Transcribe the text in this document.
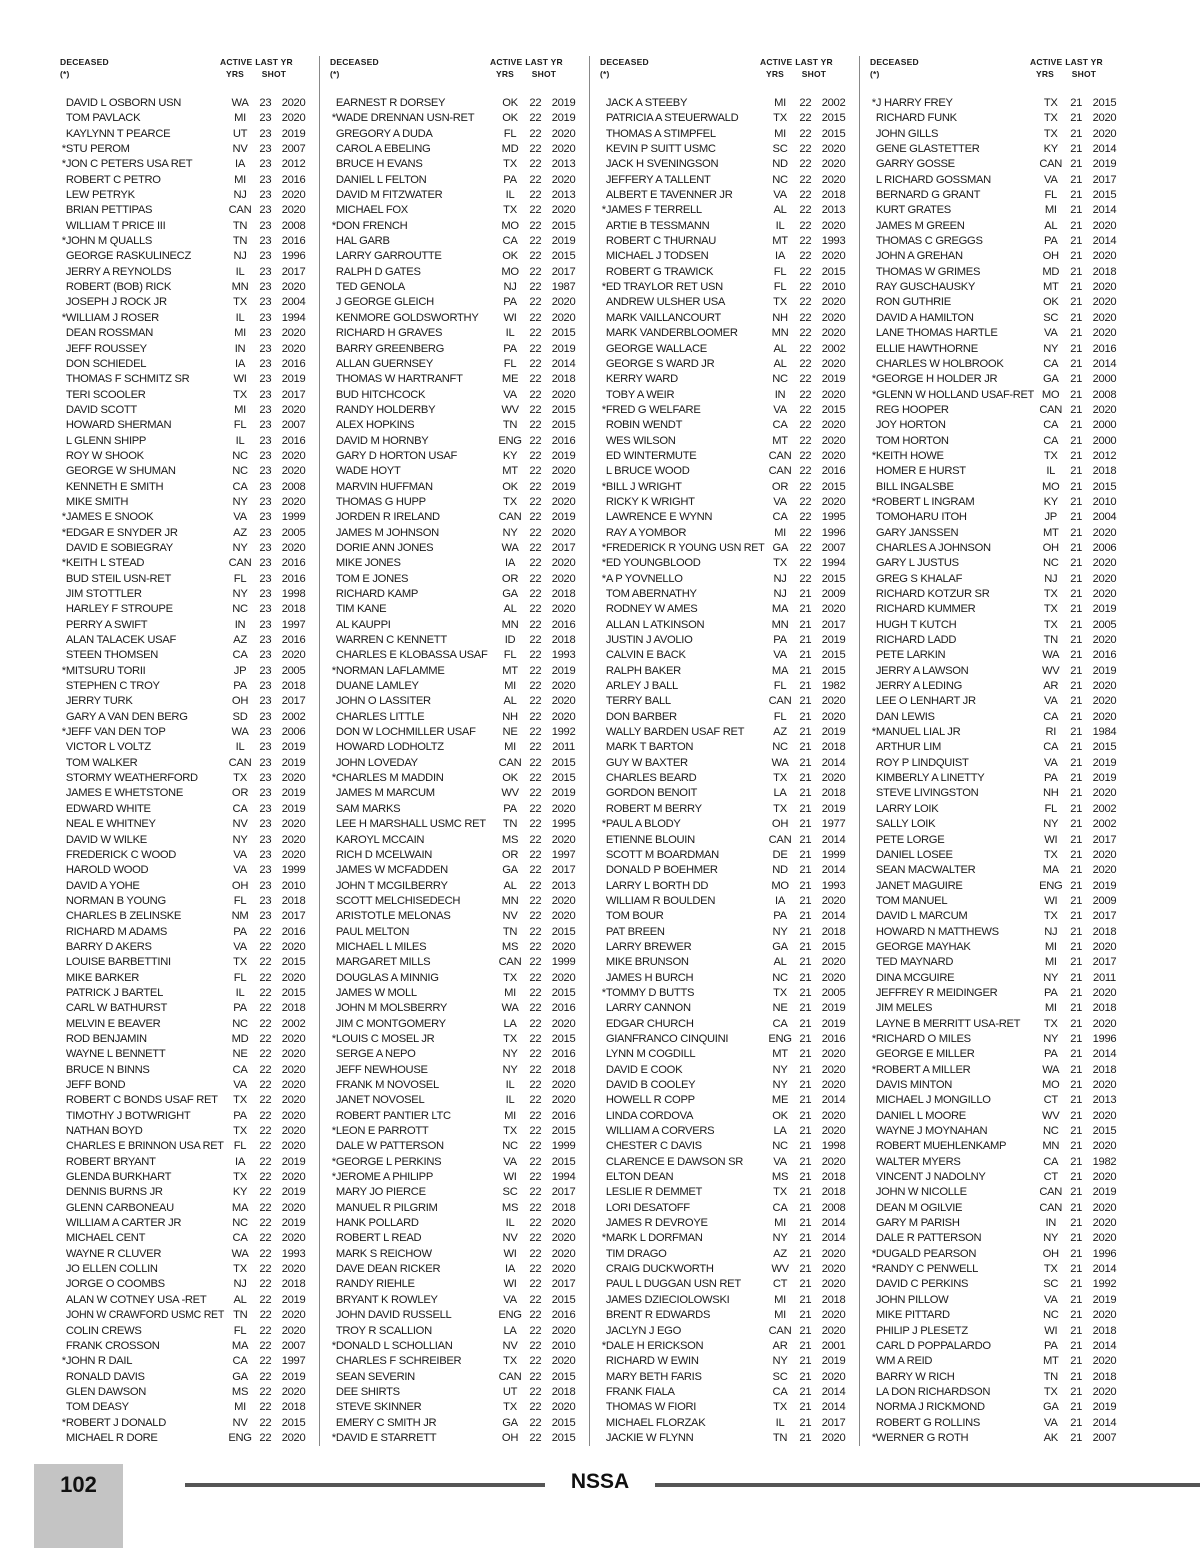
DECEASED
(*)
ACTIVE
YRS
LAST YR
SHOT
DAVID L OSBORN USN	WA 23 2020
TOM PAVLACK	MI	23 2020
KAYLYNN T PEARCE	UT	23 2019
* STU PEROM	NV	23 2007
* JON C PETERS USA RET	IA	23 2012
ROBERT C PETRO	MI	23 2016
LEW PETRYK	NJ	23 2020
BRIAN PETTIPAS	CAN 23 2020
WILLIAM T PRICE III	TN	23 2008
* JOHN M QUALLS	TN	23 2016
GEORGE RASKULINECZ	NJ	23 1996
JERRY A REYNOLDS	IL	23 2017
ROBERT (BOB) RICK	MN 23 2020
JOSEPH J ROCK JR	TX	23 2004
* WILLIAM J ROSER	IL	23 1994
DEAN ROSSMAN	MI	23 2020
JEFF ROUSSEY	IN	23 2020
DON SCHIEDEL	IA	23 2016
THOMAS F SCHMITZ SR	WI	23 2019
TERI SCOOLER	TX	23 2017
DAVID SCOTT	MI	23 2020
HOWARD SHERMAN	FL	23 2007
L GLENN SHIPP	IL	23 2016
ROY W SHOOK	NC	23 2020
GEORGE W SHUMAN	NC	23 2020
KENNETH E SMITH	CA	23 2008
MIKE SMITH	NY	23 2020
* JAMES E SNOOK	VA	23 1999
* EDGAR E SNYDER JR	AZ	23 2005
DAVID E SOBIEGRAY	NY	23 2020
* KEITH L STEAD	CAN 23 2016
BUD STEIL USN-RET	FL	23 2016
JIM STOTTLER	NY	23 1998
HARLEY F STROUPE	NC	23 2018
PERRY A SWIFT	IN	23 1997
ALAN TALACEK USAF	AZ	23 2016
STEEN THOMSEN	CA	23 2020
* MITSURU TORII	JP	23 2005
STEPHEN C TROY	PA	23 2018
JERRY TURK	OH	23 2017
GARY A VAN DEN BERG	SD	23 2002
* JEFF VAN DEN TOP	WA 23 2006
VICTOR L VOLTZ	IL	23 2019
TOM WALKER	CAN 23 2019
STORMY WEATHERFORD	TX	23 2020
JAMES E WHETSTONE	OR	23 2019
EDWARD WHITE	CA	23 2019
NEAL E WHITNEY	NV	23 2020
DAVID W WILKE	NY	23 2020
FREDERICK C WOOD	VA	23 2020
HAROLD WOOD	VA	23 1999
DAVID A YOHE	OH	23 2010
NORMAN B YOUNG	FL	23 2018
CHARLES B ZELINSKE	NM 23 2017
RICHARD M ADAMS	PA	22 2016
BARRY D AKERS	VA	22 2020
LOUISE BARBETTINI	TX	22 2015
MIKE BARKER	FL	22 2020
PATRICK J BARTEL	IL	22 2015
CARL W BATHURST	PA	22 2018
MELVIN E BEAVER	NC	22 2002
ROD BENJAMIN	MD 22 2020
WAYNE L BENNETT	NE	22 2020
BRUCE N BINNS	CA	22 2020
JEFF BOND	VA	22 2020
ROBERT C BONDS USAF RET	TX	22 2020
TIMOTHY J BOTWRIGHT	PA	22 2020
NATHAN BOYD	TX	22 2020
CHARLES E BRINNON USA RET FL	22 2020
ROBERT BRYANT	IA	22 2019
GLENDA BURKHART	TX	22 2020
DENNIS BURNS JR	KY	22 2019
GLENN CARBONEAU	MA	22 2020
WILLIAM A CARTER JR	NC	22 2019
MICHAEL CENT	CA	22 2020
WAYNE R CLUVER	WA 22 1993
JO ELLEN COLLIN	TX	22 2020
JORGE O COOMBS	NJ	22 2018
ALAN W COTNEY USA -RET	AL	22 2019
JOHN W CRAWFORD USMC RET TN	22 2020
COLIN CREWS	FL	22 2020
FRANK CROSSON	MA	22 2007
* JOHN R DAIL	CA	22 1997
RONALD DAVIS	GA	22 2019
GLEN DAWSON	MS	22 2020
TOM DEASY	MI	22 2018
* ROBERT J DONALD	NV	22 2015
MICHAEL R DORE	ENG 22 2020
DECEASED
(*)
ACTIVE
YRS
LAST YR
SHOT
EARNEST R DORSEY	OK	22 2019
* WADE DRENNAN USN-RET	OK	22 2019
GREGORY A DUDA	FL	22 2020
CAROL A EBELING	MD 22 2020
BRUCE H EVANS	TX	22 2013
DANIEL L FELTON	PA	22 2020
DAVID M FITZWATER	IL	22 2013
MICHAEL FOX	TX	22 2020
* DON FRENCH	MO 22 2015
HAL GARB	CA	22 2019
LARRY GARROUTTE	OK	22 2015
RALPH D GATES	MO 22 2017
TED GENOLA	NJ	22 1987
J GEORGE GLEICH	PA	22 2020
KENMORE GOLDSWORTHY	WI	22 2020
RICHARD H GRAVES	IL	22 2015
BARRY GREENBERG	PA	22 2019
ALLAN GUERNSEY	FL	22 2014
THOMAS W HARTRANFT	ME	22 2018
BUD HITCHCOCK	VA	22 2020
RANDY HOLDERBY	WV 22 2015
ALEX HOPKINS	TN	22 2015
DAVID M HORNBY	ENG 22 2016
GARY D HORTON USAF	KY	22 2019
WADE HOYT	MT	22 2020
MARVIN HUFFMAN	OK	22 2019
THOMAS G HUPP	TX	22 2020
JORDEN R IRELAND	CAN 22 2019
JAMES M JOHNSON	NY	22 2020
DORIE ANN JONES	WA 22 2017
MIKE JONES	IA	22 2020
TOM E JONES	OR	22 2020
RICHARD KAMP	GA	22 2018
TIM KANE	AL	22 2020
AL KAUPPI	MN 22 2016
WARREN C KENNETT	ID	22 2018
CHARLES E KLOBASSA USAF	FL	22 1993
* NORMAN LAFLAMME	MT	22 2019
DUANE LAMLEY	MI	22 2020
JOHN O LASSITER	AL	22 2020
CHARLES LITTLE	NH	22 2020
DON W LOCHMILLER USAF	NE	22 1992
HOWARD LODHOLTZ	MI	22 2011
JOHN LOVEDAY	CAN 22 2015
* CHARLES M MADDIN	OK	22 2015
JAMES M MARCUM	WV 22 2019
SAM MARKS	PA	22 2020
LEE H MARSHALL USMC RET	TN	22 1995
KAROYL MCCAIN	MS	22 2020
RICH D MCELWAIN	OR	22 1997
JAMES W MCFADDEN	GA	22 2017
JOHN T MCGILBERRY	AL	22 2013
SCOTT MELCHISEDECH	MN 22 2020
ARISTOTLE MELONAS	NV	22 2020
PAUL MELTON	TN	22 2015
MICHAEL L MILES	MS	22 2020
MARGARET MILLS	CAN 22 1999
DOUGLAS A MINNIG	TX	22 2020
JAMES W MOLL	MI	22 2015
JOHN M MOLSBERRY	WA 22 2016
JIM C MONTGOMERY	LA	22 2020
* LOUIS C MOSEL JR	TX	22 2015
SERGE A NEPO	NY	22 2016
JEFF NEWHOUSE	NY	22 2018
FRANK M NOVOSEL	IL	22 2020
JANET NOVOSEL	IL	22 2020
ROBERT PANTIER LTC	MI	22 2016
* LEON E PARROTT	TX	22 2015
DALE W PATTERSON	NC	22 1999
* GEORGE L PERKINS	VA	22 2015
* JEROME A PHILIPP	WI	22 1994
MARY JO PIERCE	SC	22 2017
MANUEL R PILGRIM	MS	22 2018
HANK POLLARD	IL	22 2020
ROBERT L READ	NV	22 2020
MARK S REICHOW	WI	22 2020
DAVE DEAN RICKER	IA	22 2020
RANDY RIEHLE	WI	22 2017
BRYANT K ROWLEY	VA	22 2015
JOHN DAVID RUSSELL	ENG 22 2016
TROY R SCALLION	LA	22 2020
* DONALD L SCHOLLIAN	NV	22 2010
CHARLES F SCHREIBER	TX	22 2020
SEAN SEVERIN	CAN 22 2015
DEE SHIRTS	UT	22 2018
STEVE SKINNER	TX	22 2020
EMERY C SMITH JR	GA	22 2015
* DAVID E STARRETT	OH	22 2015
DECEASED
(*)
ACTIVE
YRS
LAST YR
SHOT
JACK A STEEBY	MI	22 2002
PATRICIA A STEUERWALD	TX	22 2015
THOMAS A STIMPFEL	MI	22 2015
KEVIN P SUITT USMC	SC	22 2020
JACK H SVENINGSON	ND	22 2020
JEFFERY A TALLENT	NC	22 2020
ALBERT E TAVENNER JR	VA	22 2018
* JAMES F TERRELL	AL	22 2013
ARTIE B TESSMANN	IL	22 2020
ROBERT C THURNAU	MT	22 1993
MICHAEL J TODSEN	IA	22 2020
ROBERT G TRAWICK	FL	22 2015
* ED TRAYLOR RET USN	FL	22 2010
ANDREW ULSHER USA	TX	22 2020
MARK VAILLANCOURT	NH	22 2020
MARK VANDERBLOOMER	MN 22 2020
GEORGE WALLACE	AL	22 2002
GEORGE S WARD JR	AL	22 2020
KERRY WARD	NC	22 2019
TOBY A WEIR	IN	22 2020
* FRED G WELFARE	VA	22 2015
ROBIN WENDT	CA	22 2020
WES WILSON	MT	22 2020
ED WINTERMUTE	CAN 22 2020
L BRUCE WOOD	CAN 22 2016
* BILL J WRIGHT	OR	22 2015
RICKY K WRIGHT	VA	22 2020
LAWRENCE E WYNN	CA	22 1995
RAY A YOMBOR	MI	22 1996
* FREDERICK R YOUNG USN RET GA	22 2007
* ED YOUNGBLOOD	TX	22 1994
* A P YOVNELLO	NJ	22 2015
TOM ABERNATHY	NJ	21 2009
RODNEY W AMES	MA	21 2020
ALLAN L ATKINSON	MN 21 2017
JUSTIN J AVOLIO	PA	21 2019
CALVIN E BACK	VA	21 2015
RALPH BAKER	MA	21 2015
ARLEY J BALL	FL	21 1982
TERRY BALL	CAN 21 2020
DON BARBER	FL	21 2020
WALLY BARDEN USAF RET	AZ	21 2019
MARK T BARTON	NC	21 2018
GUY W BAXTER	WA 21 2014
CHARLES BEARD	TX	21 2020
GORDON BENOIT	LA	21 2018
ROBERT M BERRY	TX	21 2019
* PAUL A BLODY	OH	21 1977
ETIENNE BLOUIN	CAN 21 2014
SCOTT M BOARDMAN	DE	21 1999
DONALD P BOEHMER	ND	21 2014
LARRY L BORTH DD	MO 21 1993
WILLIAM R BOULDEN	IA	21 2020
TOM BOUR	PA	21 2014
PAT BREEN	NY	21 2018
LARRY BREWER	GA	21 2015
MIKE BRUNSON	AL	21 2020
JAMES H BURCH	NC	21 2020
* TOMMY D BUTTS	TX	21 2005
LARRY CANNON	NE	21 2019
EDGAR CHURCH	CA	21 2019
GIANFRANCO CINQUINI	ENG 21 2016
LYNN M COGDILL	MT	21 2020
DAVID E COOK	NY	21 2020
DAVID B COOLEY	NY	21 2020
HOWELL R COPP	ME	21 2014
LINDA CORDOVA	OK	21 2020
WILLIAM A CORVERS	LA	21 2020
CHESTER C DAVIS	NC	21 1998
CLARENCE E DAWSON SR	VA	21 2020
ELTON DEAN	MS	21 2018
LESLIE R DEMMET	TX	21 2018
LORI DESATOFF	CA	21 2008
JAMES R DEVROYE	MI	21 2014
* MARK L DORFMAN	NY	21 2014
TIM DRAGO	AZ	21 2020
CRAIG DUCKWORTH	WV 21 2020
PAUL L DUGGAN USN RET	CT	21 2020
JAMES DZIECIOLOWSKI	MI	21 2018
BRENT R EDWARDS	MI	21 2020
JACLYN J EGO	CAN 21 2020
* DALE H ERICKSON	AR	21 2001
RICHARD W EWIN	NY	21 2019
MARY BETH FARIS	SC	21 2020
FRANK FIALA	CA	21 2014
THOMAS W FIORI	TX	21 2014
MICHAEL FLORZAK	IL	21 2017
JACKIE W FLYNN	TN	21 2020
DECEASED
(*)
ACTIVE
YRS
LAST YR
SHOT
* J HARRY FREY	TX	21 2015
RICHARD FUNK	TX	21 2020
JOHN GILLS	TX	21 2020
GENE GLASTETTER	KY	21 2014
GARRY GOSSE	CAN 21 2019
L RICHARD GOSSMAN	VA	21 2017
BERNARD G GRANT	FL	21 2015
KURT GRATES	MI	21 2014
JAMES M GREEN	AL	21 2020
THOMAS C GREGGS	PA	21 2014
JOHN A GREHAN	OH	21 2020
THOMAS W GRIMES	MD 21 2018
RAY GUSCHAUSKY	MT	21 2020
RON GUTHRIE	OK	21 2020
DAVID A HAMILTON	SC	21 2020
LANE THOMAS HARTLE	VA	21 2020
ELLIE HAWTHORNE	NY	21 2016
CHARLES W HOLBROOK	CA	21 2014
* GEORGE H HOLDER JR	GA	21 2000
* GLENN W HOLLAND USAF-RET MO 21 2008
REG HOOPER	CAN 21 2020
JOY HORTON	CA	21 2000
TOM HORTON	CA	21 2000
* KEITH HOWE	TX	21 2012
HOMER E HURST	IL	21 2018
BILL INGALSBE	MO 21 2015
* ROBERT L INGRAM	KY	21 2010
TOMOHARU ITOH	JP	21 2004
GARY JANSSEN	MT	21 2020
CHARLES A JOHNSON	OH	21 2006
GARY L JUSTUS	NC	21 2020
GREG S KHALAF	NJ	21 2020
RICHARD KOTZUR SR	TX	21 2020
RICHARD KUMMER	TX	21 2019
HUGH T KUTCH	TX	21 2005
RICHARD LADD	TN	21 2020
PETE LARKIN	WA 21 2016
JERRY A LAWSON	WV 21 2019
JERRY A LEDING	AR	21 2020
LEE O LENHART JR	VA	21 2020
DAN LEWIS	CA	21 2020
* MANUEL LIAL JR	RI	21 1984
ARTHUR LIM	CA	21 2015
ROY P LINDQUIST	VA	21 2019
KIMBERLY A LINETTY	PA	21 2019
STEVE LIVINGSTON	NH	21 2020
LARRY LOIK	FL	21 2002
SALLY LOIK	NY	21 2002
PETE LORGE	WI	21 2017
DANIEL LOSEE	TX	21 2020
SEAN MACWALTER	MA	21 2020
JANET MAGUIRE	ENG 21 2019
TOM MANUEL	WI	21 2009
DAVID L MARCUM	TX	21 2017
HOWARD N MATTHEWS	NJ	21 2018
GEORGE MAYHAK	MI	21 2020
TED MAYNARD	MI	21 2017
DINA MCGUIRE	NY	21 2011
JEFFREY R MEIDINGER	PA	21 2020
JIM MELES	MI	21 2018
LAYNE B MERRITT USA-RET	TX	21 2020
* RICHARD O MILES	NY	21 1996
GEORGE E MILLER	PA	21 2014
* ROBERT A MILLER	WA 21 2018
DAVIS MINTON	MO 21 2020
MICHAEL J MONGILLO	CT	21 2013
DANIEL L MOORE	WV 21 2020
WAYNE J MOYNAHAN	NC	21 2015
ROBERT MUEHLENKAMP	MN 21 2020
WALTER MYERS	CA	21 1982
VINCENT J NADOLNY	CT	21 2020
JOHN W NICOLLE	CAN 21 2019
DEAN M OGILVIE	CAN 21 2020
GARY M PARISH	IN	21 2020
DALE R PATTERSON	NY	21 2020
* DUGALD PEARSON	OH	21 1996
* RANDY C PENWELL	TX	21 2014
DAVID C PERKINS	SC	21 1992
JOHN PILLOW	VA	21 2019
MIKE PITTARD	NC	21 2020
PHILIP J PLESETZ	WI	21 2018
CARL D POPPALARDO	PA	21 2014
WM A REID	MT	21 2020
BARRY W RICH	TN	21 2018
LA DON RICHARDSON	TX	21 2020
NORMA J RICKMOND	GA	21 2019
ROBERT G ROLLINS	VA	21 2014
* WERNER G ROTH	AK	21 2007
102	NSSA
